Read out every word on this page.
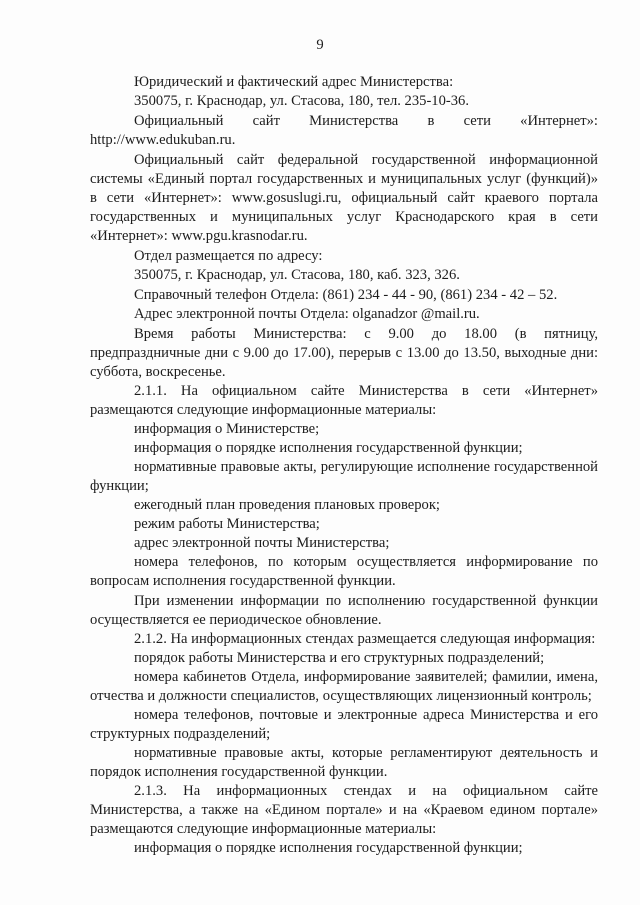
9

Юридический и фактический адрес Министерства:

350075, г. Краснодар, ул. Стасова, 180, тел. 235-10-36.

Официальный сайт Министерства в сети «Интернет»: http://www.edukuban.ru.

Официальный сайт федеральной государственной информационной системы «Единый портал государственных и муниципальных услуг (функций)» в сети «Интернет»: www.gosuslugi.ru, официальный сайт краевого портала государственных и муниципальных услуг Краснодарского края в сети «Интернет»: www.pgu.krasnodar.ru.

Отдел размещается по адресу:

350075, г. Краснодар, ул. Стасова, 180, каб. 323, 326.

Справочный телефон Отдела: (861) 234 - 44 - 90, (861) 234 - 42 – 52.

Адрес электронной почты Отдела: olganadzor @mail.ru.

Время работы Министерства: с 9.00 до 18.00 (в пятницу, предпраздничные дни с 9.00 до 17.00), перерыв с 13.00 до 13.50, выходные дни: суббота, воскресенье.

2.1.1. На официальном сайте Министерства в сети «Интернет» размещаются следующие информационные материалы:

информация о Министерстве;

информация о порядке исполнения государственной функции;

нормативные правовые акты, регулирующие исполнение государственной функции;

ежегодный план проведения плановых проверок;

режим работы Министерства;

адрес электронной почты Министерства;

номера телефонов, по которым осуществляется информирование по вопросам исполнения государственной функции.

При изменении информации по исполнению государственной функции осуществляется ее периодическое обновление.

2.1.2. На информационных стендах размещается следующая информация:

порядок работы Министерства и его структурных подразделений;

номера кабинетов Отдела, информирование заявителей; фамилии, имена, отчества и должности специалистов, осуществляющих лицензионный контроль;

номера телефонов, почтовые и электронные адреса Министерства и его структурных подразделений;

нормативные правовые акты, которые регламентируют деятельность и порядок исполнения государственной функции.

2.1.3. На информационных стендах и на официальном сайте Министерства, а также на «Едином портале» и на «Краевом едином портале» размещаются следующие информационные материалы:

информация о порядке исполнения государственной функции;
